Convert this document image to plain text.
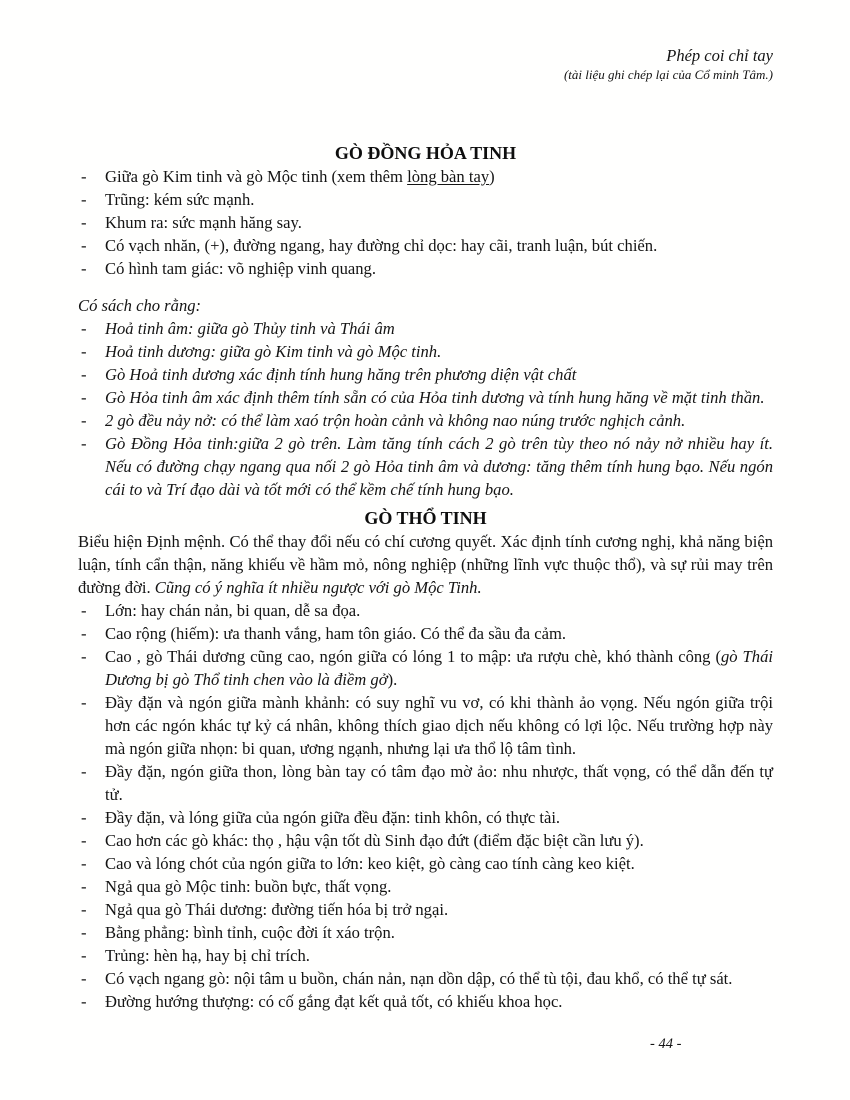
Phép coi chỉ tay
(tài liệu ghi chép lại của Cổ minh Tâm.)
GÒ ĐỒNG HỎA TINH
- Giữa gò Kim tinh và gò Mộc tinh (xem thêm lòng bàn tay)
- Trũng: kém sức mạnh.
- Khum ra: sức mạnh hăng say.
- Có vạch nhăn, (+), đường ngang, hay đường chỉ dọc: hay cãi, tranh luận, bút chiến.
- Có hình tam giác: võ nghiệp vinh quang.

Có sách cho rằng:

- Hoả tinh âm: giữa gò Thủy tinh và Thái âm
- Hoả tinh dương: giữa gò Kim tinh và gò Mộc tinh.
- Gò Hoả tinh dương xác định tính hung hăng trên phương diện vật chất
- Gò Hỏa tinh âm xác định thêm tính sẵn có của Hỏa tinh dương và tính hung hăng về mặt tinh thần.
- 2 gò đều nảy nở: có thể làm xaó trộn hoàn cảnh và không nao núng trước nghịch cảnh.
- Gò Đồng Hỏa tinh:giữa 2 gò trên. Làm tăng tính cách 2 gò trên tùy theo nó nảy nở nhiều hay ít. Nếu có đường chạy ngang qua nối 2 gò Hỏa tinh âm và dương: tăng thêm tính hung bạo. Nếu ngón cái to và Trí đạo dài và tốt mới có thể kềm chế tính hung bạo.
GÒ THỔ TINH

Biểu hiện Định mệnh. Có thể thay đổi nếu có chí cương quyết. Xác định tính cương nghị, khả năng biện luận, tính cẩn thận, năng khiếu về hầm mỏ, nông nghiệp (những lĩnh vực thuộc thổ), và sự rủi may trên đường đời. Cũng có ý nghĩa ít nhiều ngược với gò Mộc Tinh.

- Lớn: hay chán nản, bi quan, dễ sa đọa.
- Cao rộng (hiếm): ưa thanh vắng, ham tôn giáo. Có thể đa sầu đa cảm.
- Cao , gò Thái dương cũng cao, ngón giữa có lóng 1 to mập: ưa rượu chè, khó thành công (gò Thái Dương bị gò Thổ tinh chen vào là điềm gở).
- Đầy đặn và ngón giữa mành khảnh: có suy nghĩ vu vơ, có khi thành ảo vọng. Nếu ngón giữa trội hơn các ngón khác tự kỷ cá nhân, không thích giao dịch nếu không có lợi lộc. Nếu trường hợp này mà ngón giữa nhọn: bi quan, ương ngạnh, nhưng lại ưa thổ lộ tâm tình.
- Đầy đặn, ngón giữa thon, lòng bàn tay có tâm đạo mờ ảo: nhu nhược, thất vọng, có thể dẫn đến tự tử.
- Đầy đặn, và lóng giữa của ngón giữa đều đặn: tinh khôn, có thực tài.
- Cao hơn các gò khác: thọ , hậu vận tốt dù Sinh đạo đứt (điểm đặc biệt cần lưu ý).
- Cao và lóng chót của ngón giữa to lớn: keo kiệt, gò càng cao tính càng keo kiệt.
- Ngả qua gò Mộc tinh: buồn bực, thất vọng.
- Ngả qua gò Thái dương: đường tiến hóa bị trở ngại.
- Bằng phẳng: bình tỉnh, cuộc đời ít xáo trộn.
- Trủng: hèn hạ, hay bị chỉ trích.
- Có vạch ngang gò: nội tâm u buồn, chán nản, nạn dồn dập, có thể tù tội, đau khổ, có thể tự sát.
- Đường hướng thượng: có cố gắng đạt kết quả tốt, có khiếu khoa học.
- 44 -
